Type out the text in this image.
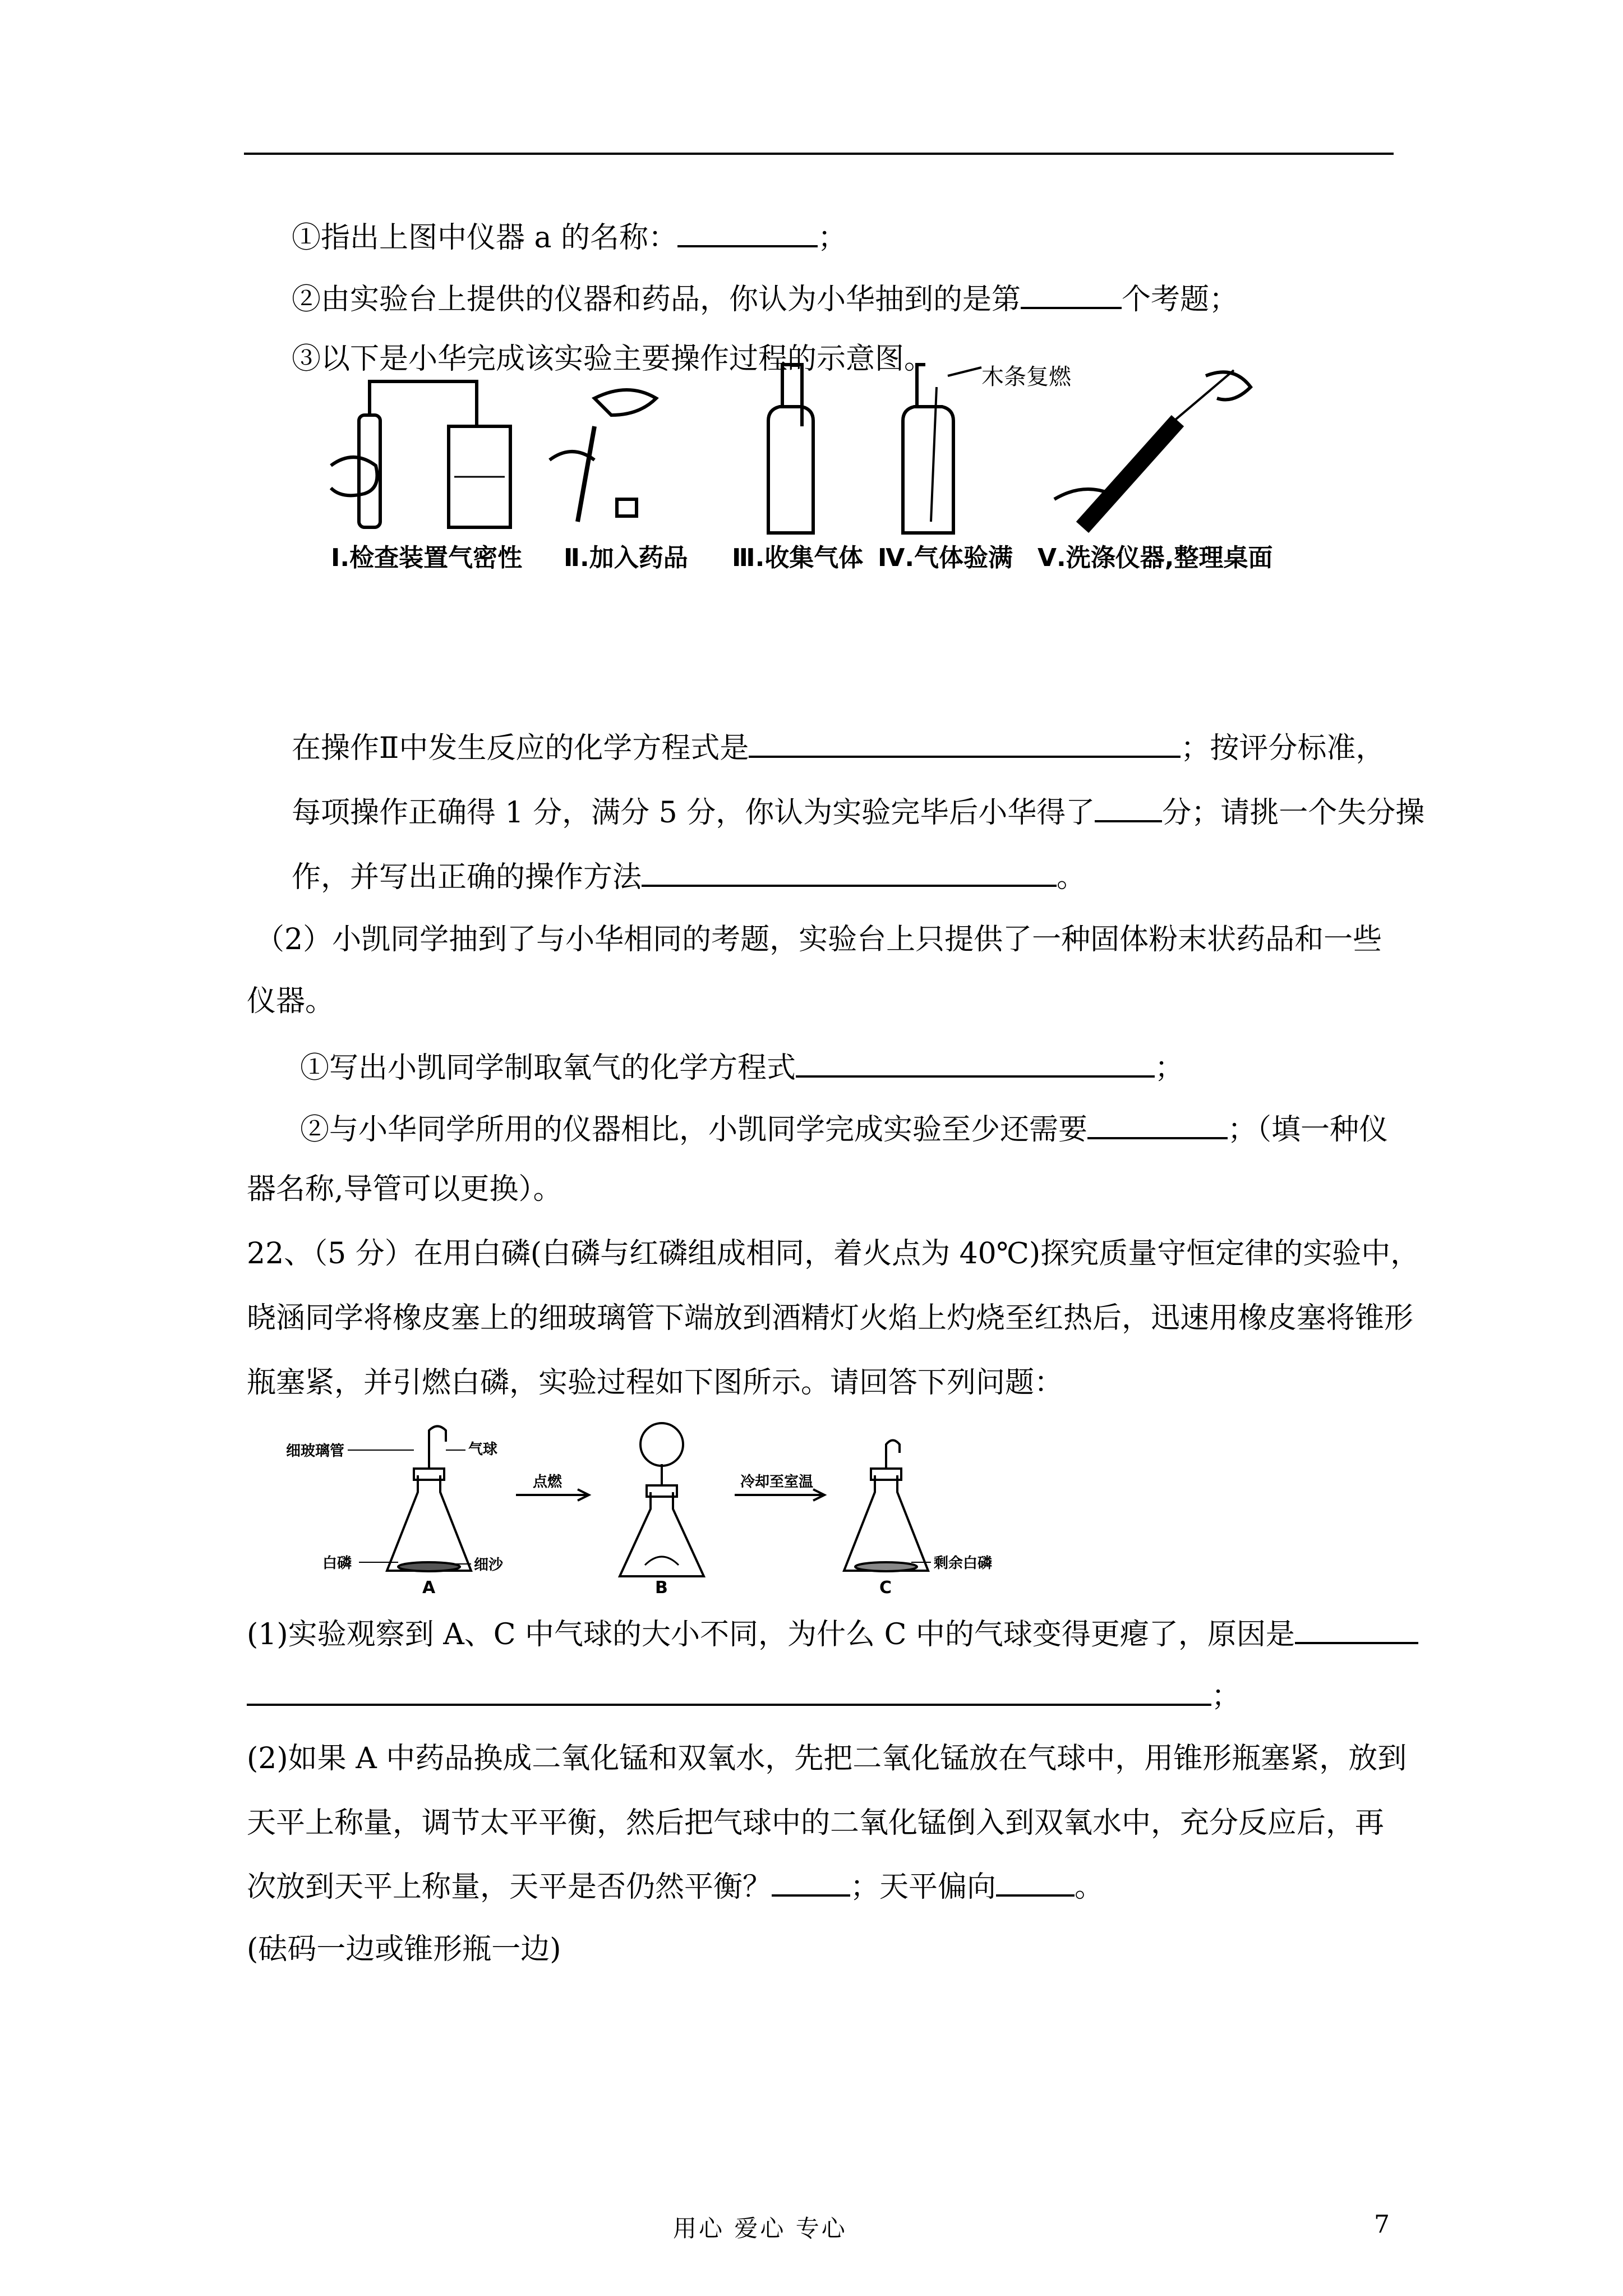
①指出上图中仪器 a 的名称：	；
②由实验台上提供的仪器和药品，你认为小华抽到的是第	个考题；
③以下是小华完成该实验主要操作过程的示意图。
木条复燃
Ⅰ.检查装置气密性 Ⅱ.加入药品 Ⅲ.收集气体 Ⅳ.气体验满 Ⅴ.洗涤仪器,整理桌面
在操作Ⅱ中发生反应的化学方程式是	；按评分标准，
每项操作正确得 1 分，满分 5 分，你认为实验完毕后小华得了 分；请挑一个失分操
作，并写出正确的操作方法	。
（2）小凯同学抽到了与小华相同的考题，实验台上只提供了一种固体粉末状药品和一些
仪器。
①写出小凯同学制取氧气的化学方程式	；
②与小华同学所用的仪器相比，小凯同学完成实验至少还需要	；（填一种仪
器名称,导管可以更换）。
22、（5 分）在用白磷(白磷与红磷组成相同，着火点为 40℃)探究质量守恒定律的实验中，
晓涵同学将橡皮塞上的细玻璃管下端放到酒精灯火焰上灼烧至红热后，迅速用橡皮塞将锥形
瓶塞紧，并引燃白磷，实验过程如下图所示。请回答下列问题：
细玻璃管	气球
白磷	细沙
点燃	冷却至室温
剩余白磷
A	B	C
(1)实验观察到 A、C 中气球的大小不同，为什么 C 中的气球变得更瘪了，原因是
；
(2)如果 A 中药品换成二氧化锰和双氧水，先把二氧化锰放在气球中，用锥形瓶塞紧，放到
天平上称量，调节太平平衡，然后把气球中的二氧化锰倒入到双氧水中，充分反应后，再
次放到天平上称量，天平是否仍然平衡？	；天平偏向	。
(砝码一边或锥形瓶一边)
用心 爱心 专心	7
